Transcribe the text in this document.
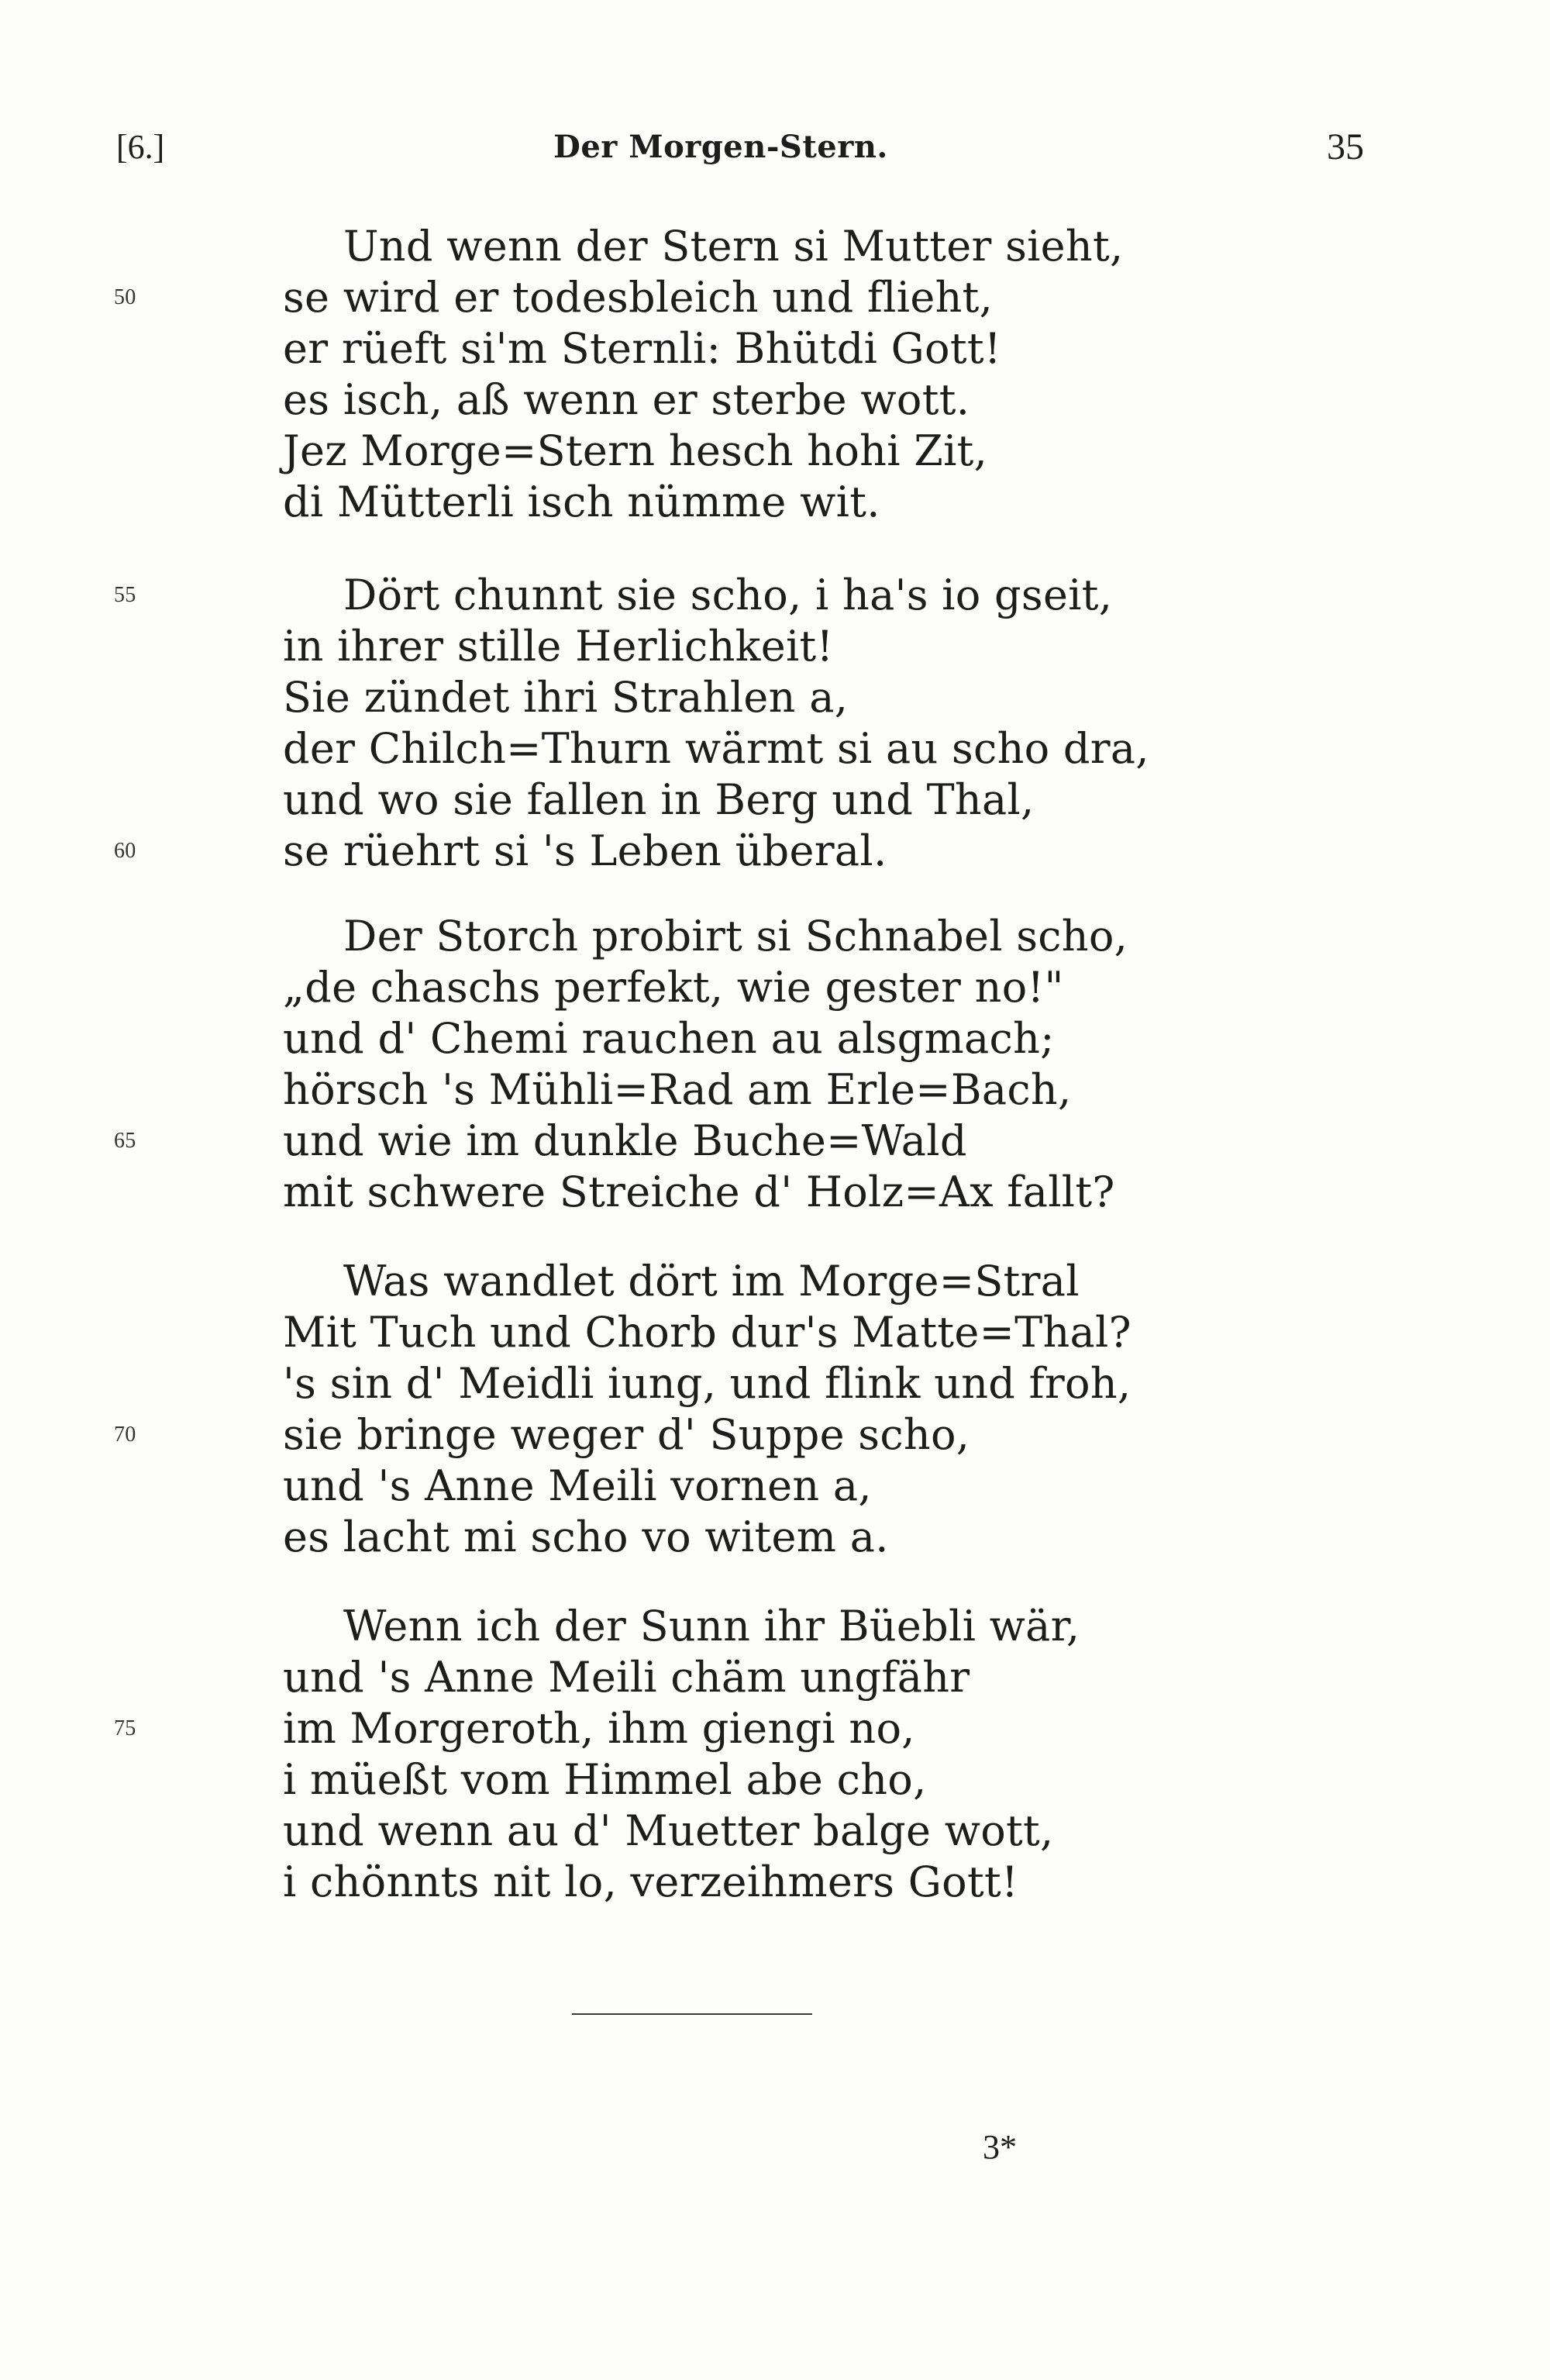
[6.]	Der Morgen-Stern.	35
Und wenn der Stern si Mutter sieht,
50	se wird er todesbleich und flieht,
er rüeft si'm Sternli: Bhütdi Gott!
es isch, aß wenn er sterbe wott.
Jez Morge=Stern hesch hohi Zit,
di Mütterli isch nümme wit.
55	Dört chunnt sie scho, i ha's io gseit,
in ihrer stille Herlichkeit!
Sie zündet ihri Strahlen a,
der Chilch=Thurn wärmt si au scho dra,
und wo sie fallen in Berg und Thal,
60	se rüehrt si 's Leben überal.
Der Storch probirt si Schnabel scho,
„de chaschs perfekt, wie gester no!"
und d' Chemi rauchen au alsgmach;
hörsch 's Mühli=Rad am Erle=Bach,
65	und wie im dunkle Buche=Wald
mit schwere Streiche d' Holz=Ax fallt?
Was wandlet dört im Morge=Stral
Mit Tuch und Chorb dur's Matte=Thal?
's sin d' Meidli iung, und flink und froh,
70	sie bringe weger d' Suppe scho,
und 's Anne Meili vornen a,
es lacht mi scho vo witem a.
Wenn ich der Sunn ihr Büebli wär,
und 's Anne Meili chäm ungfähr
75	im Morgeroth, ihm giengi no,
i müeßt vom Himmel abe cho,
und wenn au d' Muetter balge wott,
i chönnts nit lo, verzeihmers Gott!
3*
